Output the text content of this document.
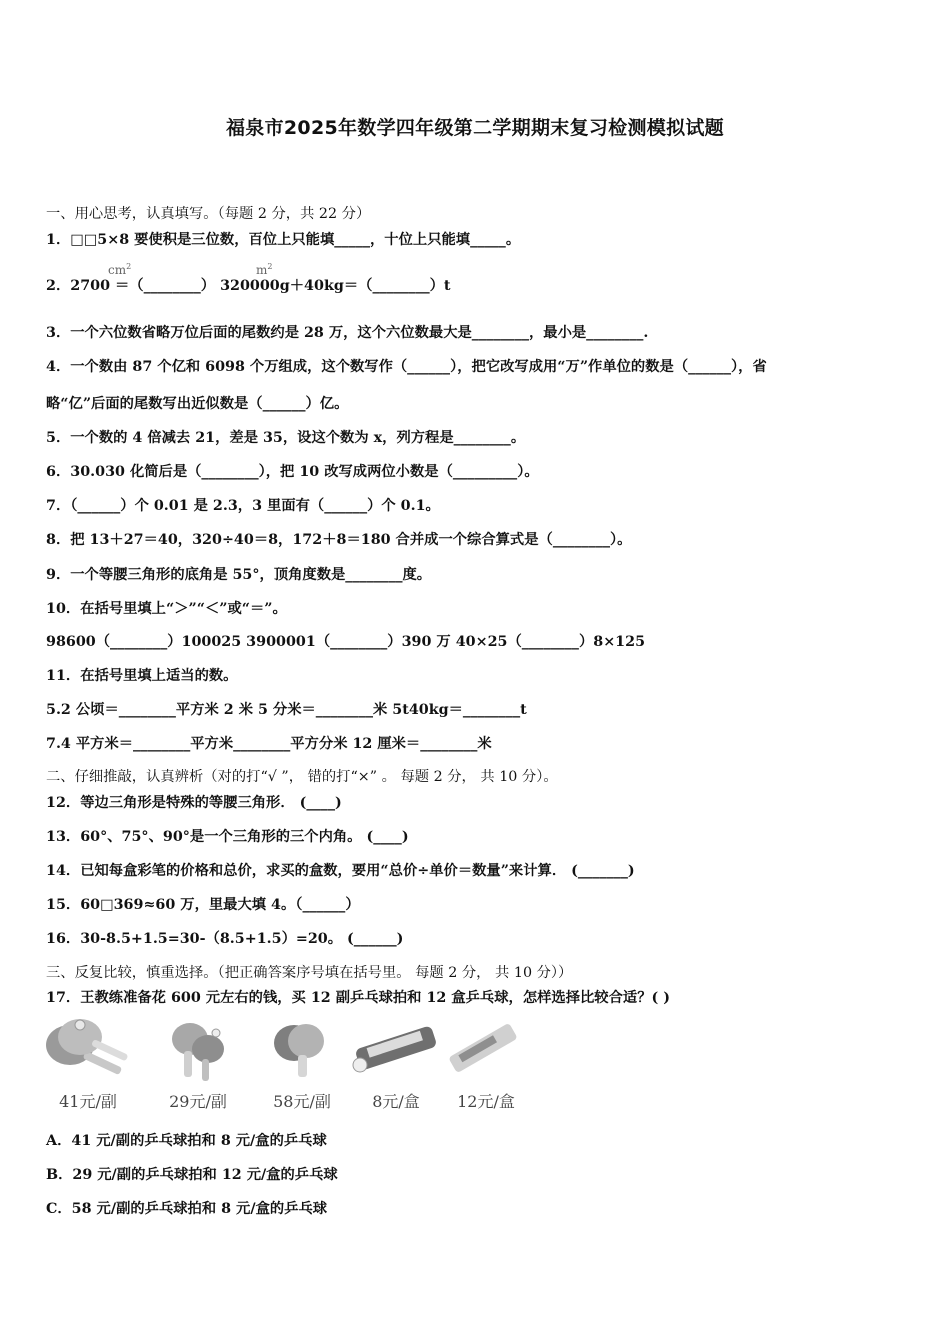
福泉市2025年数学四年级第二学期期末复习检测模拟试题
一、用心思考，认真填写。（每题 2 分，共 22 分）
1．□□5×8 要使积是三位数，百位上只能填_____，十位上只能填_____。
2．2700 ＝（________） 320000g＋40kg＝（________）t
$cm^2$	$m^2$
3．一个六位数省略万位后面的尾数约是 28 万，这个六位数最大是________，最小是________.
4．一个数由 87 个亿和 6098 个万组成，这个数写作（______），把它改写成用“万”作单位的数是（______），省
略“亿”后面的尾数写出近似数是（______）亿。
5．一个数的 4 倍减去 21，差是 35，设这个数为 x，列方程是________。
6．30.030 化简后是（________），把 10 改写成两位小数是（_________）。
7．（______）个 0.01 是 2.3，3 里面有（______）个 0.1。
8．把 13＋27＝40，320÷40＝8，172＋8＝180 合并成一个综合算式是（________）。
9．一个等腰三角形的底角是 55°，顶角度数是________度。
10．在括号里填上“＞”“＜”或“＝”。
98600（________）100025 3900001（________）390 万 40×25（________）8×125
11．在括号里填上适当的数。
5.2 公顷＝________平方米 2 米 5 分米＝________米 5t40kg＝________t
7.4 平方米＝________平方米________平方分米 12 厘米＝________米
二、仔细推敲，认真辨析（对的打“√ ”， 错的打“×” 。 每题 2 分， 共 10 分）。
12．等边三角形是特殊的等腰三角形． (____)
13．60°、75°、90°是一个三角形的三个内角。 (____)
14．已知每盒彩笔的价格和总价，求买的盒数，要用“总价÷单价＝数量”来计算． (_______)
15．60□369≈60 万，里最大填 4。（______）
16．30-8.5+1.5=30-（8.5+1.5）=20。 (______)
三、反复比较，慎重选择。（把正确答案序号填在括号里。 每题 2 分， 共 10 分））
17．王教练准备花 600 元左右的钱，买 12 副乒乓球拍和 12 盒乒乓球，怎样选择比较合适？( )
41元/副	29元/副	58元/副	8元/盒	12元/盒
A．41 元/副的乒乓球拍和 8 元/盒的乒乓球
B．29 元/副的乒乓球拍和 12 元/盒的乒乓球
C．58 元/副的乒乓球拍和 8 元/盒的乒乓球
